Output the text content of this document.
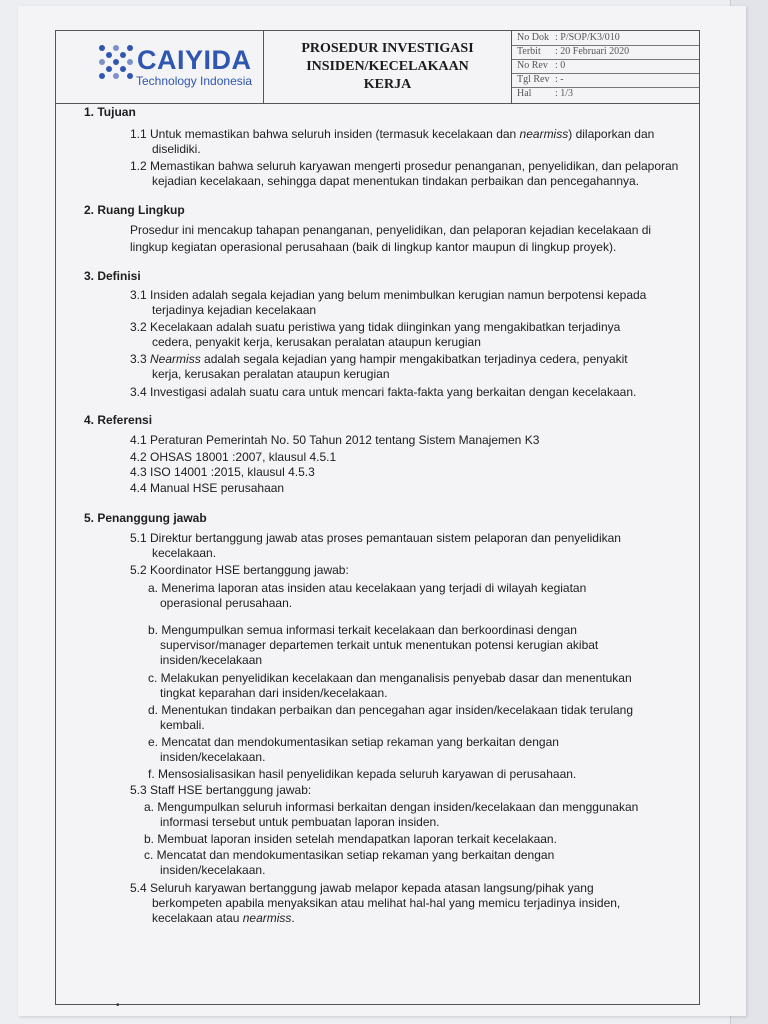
CAIYIDA
Technology Indonesia
PROSEDUR INVESTIGASI
INSIDEN/KECELAKAAN
KERJA
No Dok : P/SOP/K3/010
Terbit : 20 Februari 2020
No Rev : 0
Tgl Rev : -
Hal : 1/3
1. Tujuan
1.1 Untuk memastikan bahwa seluruh insiden (termasuk kecelakaan dan nearmiss) dilaporkan dan
diselidiki.
1.2 Memastikan bahwa seluruh karyawan mengerti prosedur penanganan, penyelidikan, dan pelaporan
kejadian kecelakaan, sehingga dapat menentukan tindakan perbaikan dan pencegahannya.
2. Ruang Lingkup
Prosedur ini mencakup tahapan penanganan, penyelidikan, dan pelaporan kejadian kecelakaan di
lingkup kegiatan operasional perusahaan (baik di lingkup kantor maupun di lingkup proyek).
3. Definisi
3.1 Insiden adalah segala kejadian yang belum menimbulkan kerugian namun berpotensi kepada
terjadinya kejadian kecelakaan
3.2 Kecelakaan adalah suatu peristiwa yang tidak diinginkan yang mengakibatkan terjadinya
cedera, penyakit kerja, kerusakan peralatan ataupun kerugian
3.3 Nearmiss adalah segala kejadian yang hampir mengakibatkan terjadinya cedera, penyakit
kerja, kerusakan peralatan ataupun kerugian
3.4 Investigasi adalah suatu cara untuk mencari fakta-fakta yang berkaitan dengan kecelakaan.
4. Referensi
4.1 Peraturan Pemerintah No. 50 Tahun 2012 tentang Sistem Manajemen K3
4.2 OHSAS 18001 :2007, klausul 4.5.1
4.3 ISO 14001 :2015, klausul 4.5.3
4.4 Manual HSE perusahaan
5. Penanggung jawab
5.1 Direktur bertanggung jawab atas proses pemantauan sistem pelaporan dan penyelidikan
kecelakaan.
5.2 Koordinator HSE bertanggung jawab:
a. Menerima laporan atas insiden atau kecelakaan yang terjadi di wilayah kegiatan
operasional perusahaan.
b. Mengumpulkan semua informasi terkait kecelakaan dan berkoordinasi dengan
supervisor/manager departemen terkait untuk menentukan potensi kerugian akibat
insiden/kecelakaan
c. Melakukan penyelidikan kecelakaan dan menganalisis penyebab dasar dan menentukan
tingkat keparahan dari insiden/kecelakaan.
d. Menentukan tindakan perbaikan dan pencegahan agar insiden/kecelakaan tidak terulang
kembali.
e. Mencatat dan mendokumentasikan setiap rekaman yang berkaitan dengan
insiden/kecelakaan.
f. Mensosialisasikan hasil penyelidikan kepada seluruh karyawan di perusahaan.
5.3 Staff HSE bertanggung jawab:
a. Mengumpulkan seluruh informasi berkaitan dengan insiden/kecelakaan dan menggunakan
informasi tersebut untuk pembuatan laporan insiden.
b. Membuat laporan insiden setelah mendapatkan laporan terkait kecelakaan.
c. Mencatat dan mendokumentasikan setiap rekaman yang berkaitan dengan
insiden/kecelakaan.
5.4 Seluruh karyawan bertanggung jawab melapor kepada atasan langsung/pihak yang
berkompeten apabila menyaksikan atau melihat hal-hal yang memicu terjadinya insiden,
kecelakaan atau nearmiss.
•
